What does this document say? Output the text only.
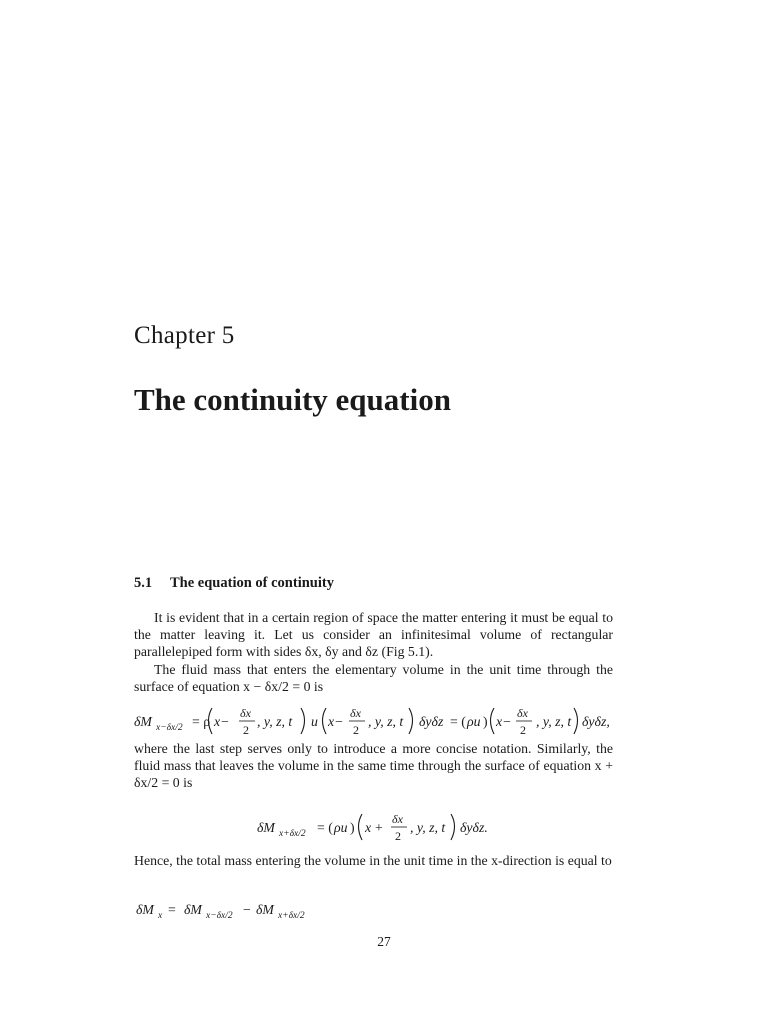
Chapter 5
The continuity equation
5.1 The equation of continuity
It is evident that in a certain region of space the matter entering it must be equal to the matter leaving it. Let us consider an infinitesimal volume of rectangular parallelepiped form with sides δx, δy and δz (Fig 5.1).
The fluid mass that enters the elementary volume in the unit time through the surface of equation x − δx/2 = 0 is
δM x−δx/2 = ρ x−
δx
2
, y, z, t u x−
δx
2
, y, z, t δyδz = ( ρu ) x−
δx
2
, y, z, t δyδz,
where the last step serves only to introduce a more concise notation. Similarly, the fluid mass that leaves the volume in the same time through the surface of equation x + δx/2 = 0 is
δM x+δx/2 = ( ρu ) x +
δx
2
, y, z, t δyδz.
Hence, the total mass entering the volume in the unit time in the x-direction is equal to
δM x = δM x−δx/2 − δM x+δx/2
27
